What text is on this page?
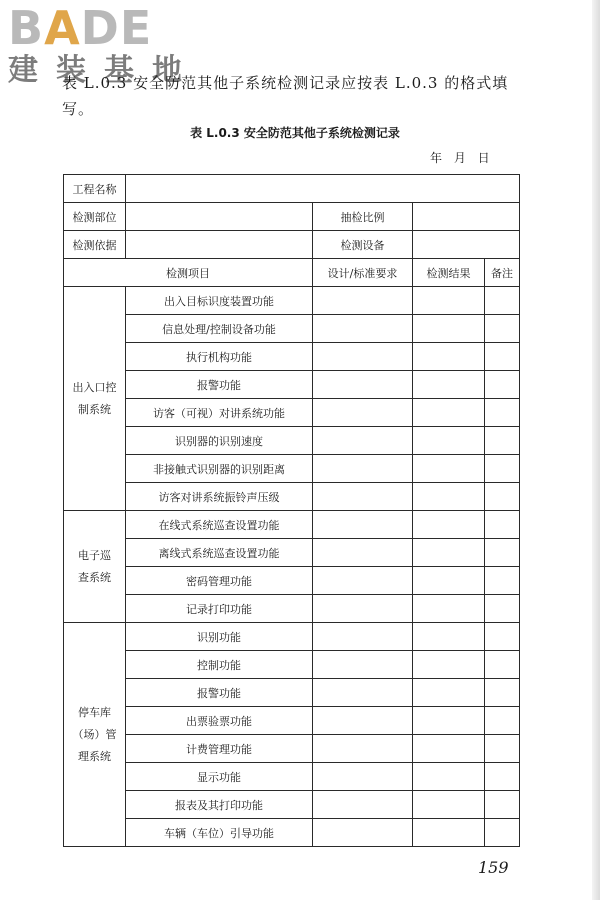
BADE
建装基地
表 L.0.3 安全防范其他子系统检测记录应按表 L.0.3 的格式填写。
表 L.0.3 安全防范其他子系统检测记录
年 月 日
工程名称				
检测部位		抽检比例		
检测依据		检测设备		
检测项目		设计/标准要求	检测结果	备注

出入口控
制系统	出入目标识度装置功能			
	信息处理/控制设备功能			
	执行机构功能			
	报警功能			
	访客（可视）对讲系统功能			
	识别器的识别速度			
	非接触式识别器的识别距离			
	访客对讲系统振铃声压级			

电子巡
查系统	在线式系统巡查设置功能			
	离线式系统巡查设置功能			
	密码管理功能			
	记录打印功能			

停车库
（场）管
理系统	识别功能			
	控制功能			
	报警功能			
	出票验票功能			
	计费管理功能			
	显示功能			
	报表及其打印功能			
	车辆（车位）引导功能			
159
